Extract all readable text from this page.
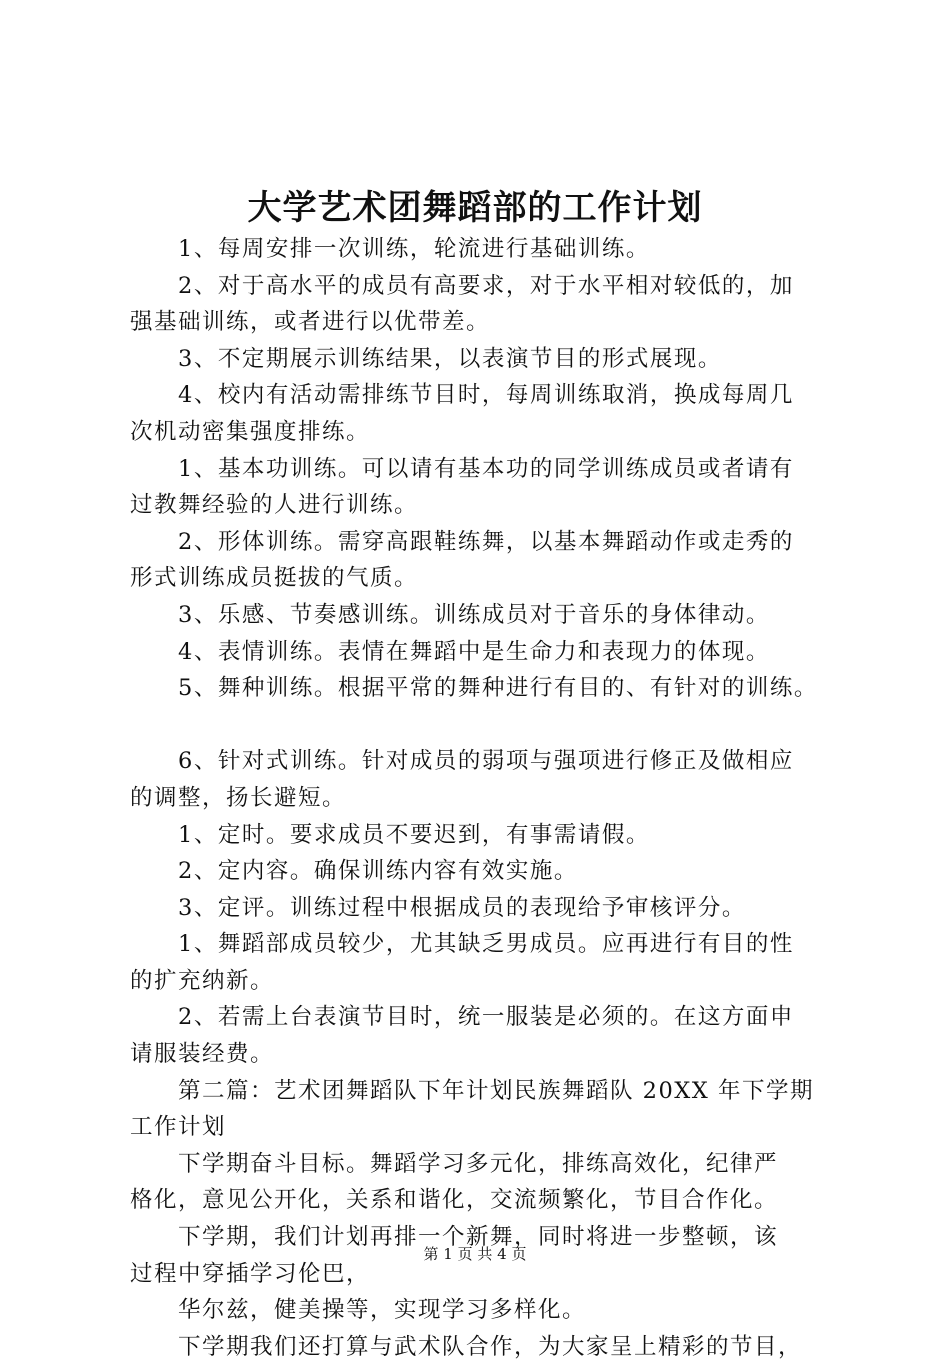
大学艺术团舞蹈部的工作计划
1、每周安排一次训练，轮流进行基础训练。
2、对于高水平的成员有高要求，对于水平相对较低的，加
强基础训练，或者进行以优带差。
3、不定期展示训练结果，以表演节目的形式展现。
4、校内有活动需排练节目时，每周训练取消，换成每周几
次机动密集强度排练。
1、基本功训练。可以请有基本功的同学训练成员或者请有
过教舞经验的人进行训练。
2、形体训练。需穿高跟鞋练舞，以基本舞蹈动作或走秀的
形式训练成员挺拔的气质。
3、乐感、节奏感训练。训练成员对于音乐的身体律动。
4、表情训练。表情在舞蹈中是生命力和表现力的体现。
5、舞种训练。根据平常的舞种进行有目的、有针对的训练。
6、针对式训练。针对成员的弱项与强项进行修正及做相应
的调整，扬长避短。
1、定时。要求成员不要迟到，有事需请假。
2、定内容。确保训练内容有效实施。
3、定评。训练过程中根据成员的表现给予审核评分。
1、舞蹈部成员较少，尤其缺乏男成员。应再进行有目的性
的扩充纳新。
2、若需上台表演节目时，统一服装是必须的。在这方面申
请服装经费。
第二篇：艺术团舞蹈队下年计划民族舞蹈队 20XX 年下学期
工作计划
下学期奋斗目标。舞蹈学习多元化，排练高效化，纪律严
格化，意见公开化，关系和谐化，交流频繁化，节目合作化。
下学期，我们计划再排一个新舞，同时将进一步整顿，该
过程中穿插学习伦巴，
华尔兹，健美操等，实现学习多样化。
下学期我们还打算与武术队合作，为大家呈上精彩的节目，
第 1 页 共 4 页
